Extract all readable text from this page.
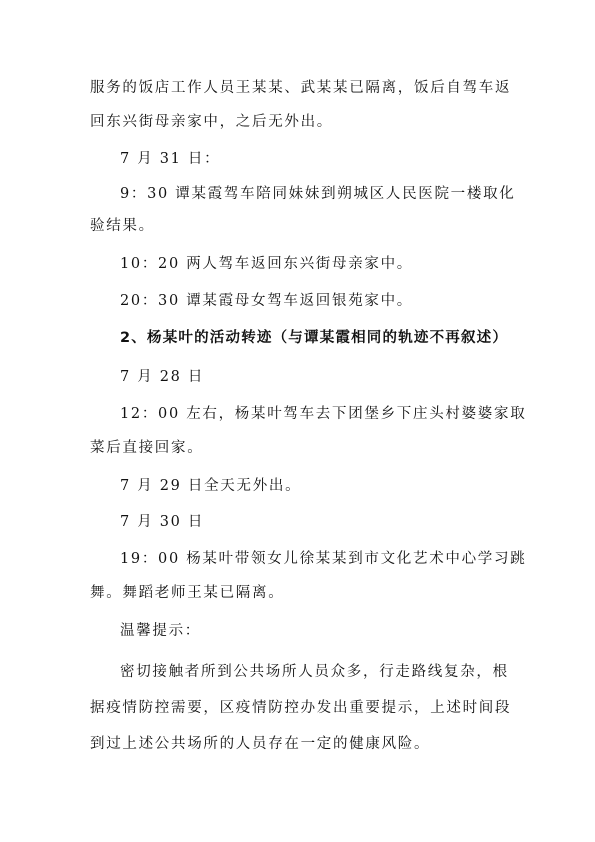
服务的饭店工作人员王某某、武某某已隔离，饭后自驾车返
回东兴街母亲家中，之后无外出。
7 月 31 日：
9：30 谭某霞驾车陪同妹妹到朔城区人民医院一楼取化
验结果。
10：20 两人驾车返回东兴街母亲家中。
20：30 谭某霞母女驾车返回银苑家中。
2、杨某叶的活动转迹（与谭某霞相同的轨迹不再叙述）
7 月 28 日
12：00 左右，杨某叶驾车去下团堡乡下庄头村婆婆家取
菜后直接回家。
7 月 29 日全天无外出。
7 月 30 日
19：00 杨某叶带领女儿徐某某到市文化艺术中心学习跳
舞。舞蹈老师王某已隔离。
温馨提示：
密切接触者所到公共场所人员众多，行走路线复杂，根
据疫情防控需要，区疫情防控办发出重要提示，上述时间段
到过上述公共场所的人员存在一定的健康风险。
